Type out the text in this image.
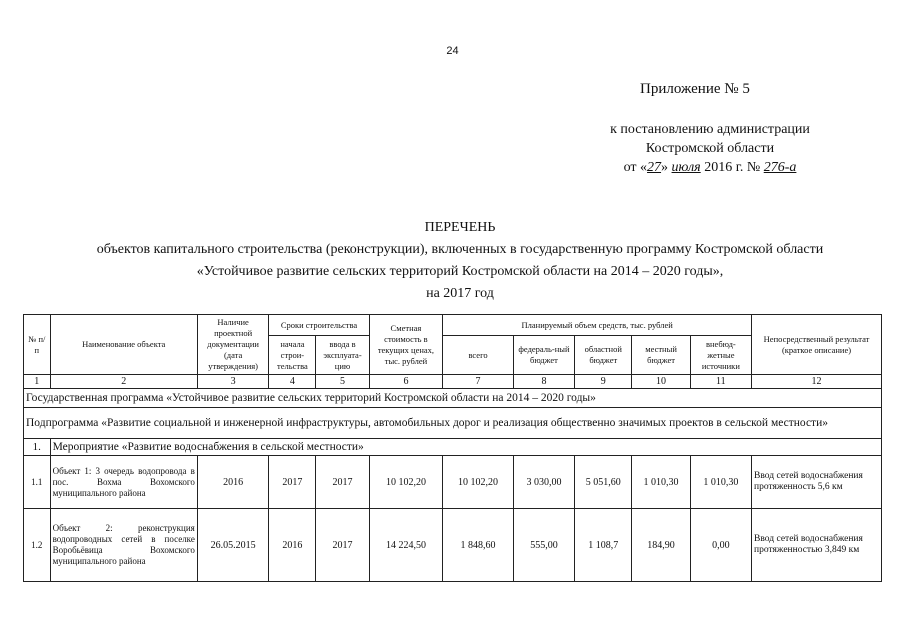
24
Приложение № 5
к постановлению администрации
Костромской области
от «27» июля 2016 г. № 276-а
ПЕРЕЧЕНЬ
объектов капитального строительства (реконструкции), включенных в государственную программу Костромской области
«Устойчивое развитие сельских территорий Костромской области на 2014 – 2020 годы»,
на 2017 год
№ п/п	Наименование объекта	Наличие проектной документации (дата утверждения)	Сроки строительства		Сметная стоимость в текущих ценах, тыс. рублей	Планируемый объем средств, тыс. рублей					Непосредственный результат (краткое описание)
			начала строи-тельства	ввода в эксплуата-цию		всего	федераль-ный бюджет	областной бюджет	местный бюджет	внебюд-жетные источники	
1	2	3	4	5	6	7	8	9	10	11	12
Государственная программа «Устойчивое развитие сельских территорий Костромской области на 2014 – 2020 годы»											
Подпрограмма «Развитие социальной и инженерной инфраструктуры, автомобильных дорог и реализация общественно значимых проектов в сельской местности»											
1.	Мероприятие «Развитие водоснабжения в сельской местности»										
1.1	Объект 1: 3 очередь водопровода в пос. Вохма Вохомского муниципального района	2016	2017	2017	10 102,20	10 102,20	3 030,00	5 051,60	1 010,30	1 010,30	Ввод сетей водоснабжения протяженность 5,6 км
1.2	Объект 2: реконструкция водопроводных сетей в поселке Воробьёвица Вохомского муниципального района	26.05.2015	2016	2017	14 224,50	1 848,60	555,00	1 108,7	184,90	0,00	Ввод сетей водоснабжения протяженностью 3,849 км
